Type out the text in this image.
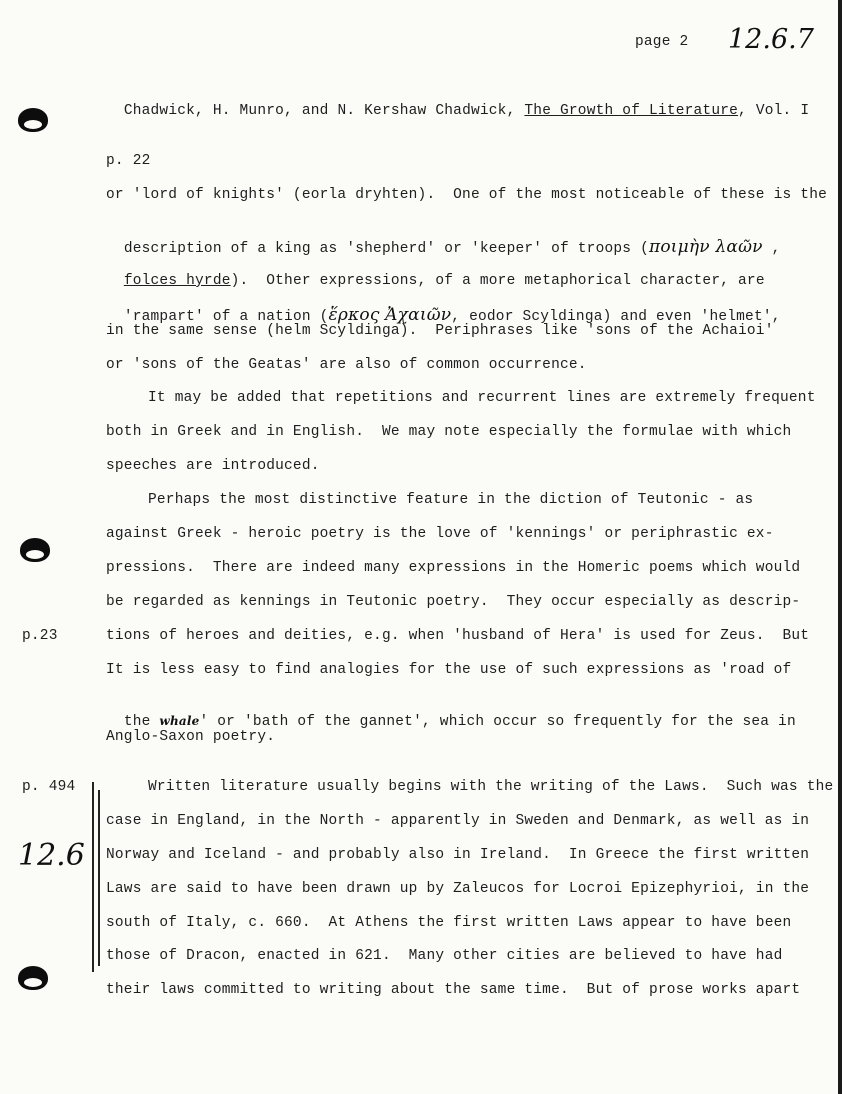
page 2 12.6.7

Chadwick, H. Munro, and N. Kershaw Chadwick, The Growth of Literature, Vol. I

p. 22
or 'lord of knights' (eorla dryhten).  One of the most noticeable of these is the

description of a king as 'shepherd' or 'keeper' of troops (ποιμὴν λαῶν ,

folces hyrde).  Other expressions, of a more metaphorical character, are

'rampart' of a nation (ἕρκος Ἀχαιῶν, eodor Scyldinga) and even 'helmet',

in the same sense (helm Scyldinga).  Periphrases like 'sons of the Achaioi'
or 'sons of the Geatas' are also of common occurrence.
It may be added that repetitions and recurrent lines are extremely frequent
both in Greek and in English.  We may note especially the formulae with which
speeches are introduced.
Perhaps the most distinctive feature in the diction of Teutonic - as
against Greek - heroic poetry is the love of 'kennings' or periphrastic ex-
pressions.  There are indeed many expressions in the Homeric poems which would
be regarded as kennings in Teutonic poetry.  They occur especially as descrip-
p.23	tions of heroes and deities, e.g. when 'husband of Hera' is used for Zeus.  But
It is less easy to find analogies for the use of such expressions as 'road of

the whale' or 'bath of the gannet', which occur so frequently for the sea in

Anglo-Saxon poetry.
p. 494
12.6
Written literature usually begins with the writing of the Laws.  Such was the
case in England, in the North - apparently in Sweden and Denmark, as well as in
Norway and Iceland - and probably also in Ireland.  In Greece the first written
Laws are said to have been drawn up by Zaleucos for Locroi Epizephyrioi, in the
south of Italy, c. 660.  At Athens the first written Laws appear to have been
those of Dracon, enacted in 621.  Many other cities are believed to have had
their laws committed to writing about the same time.  But of prose works apart
